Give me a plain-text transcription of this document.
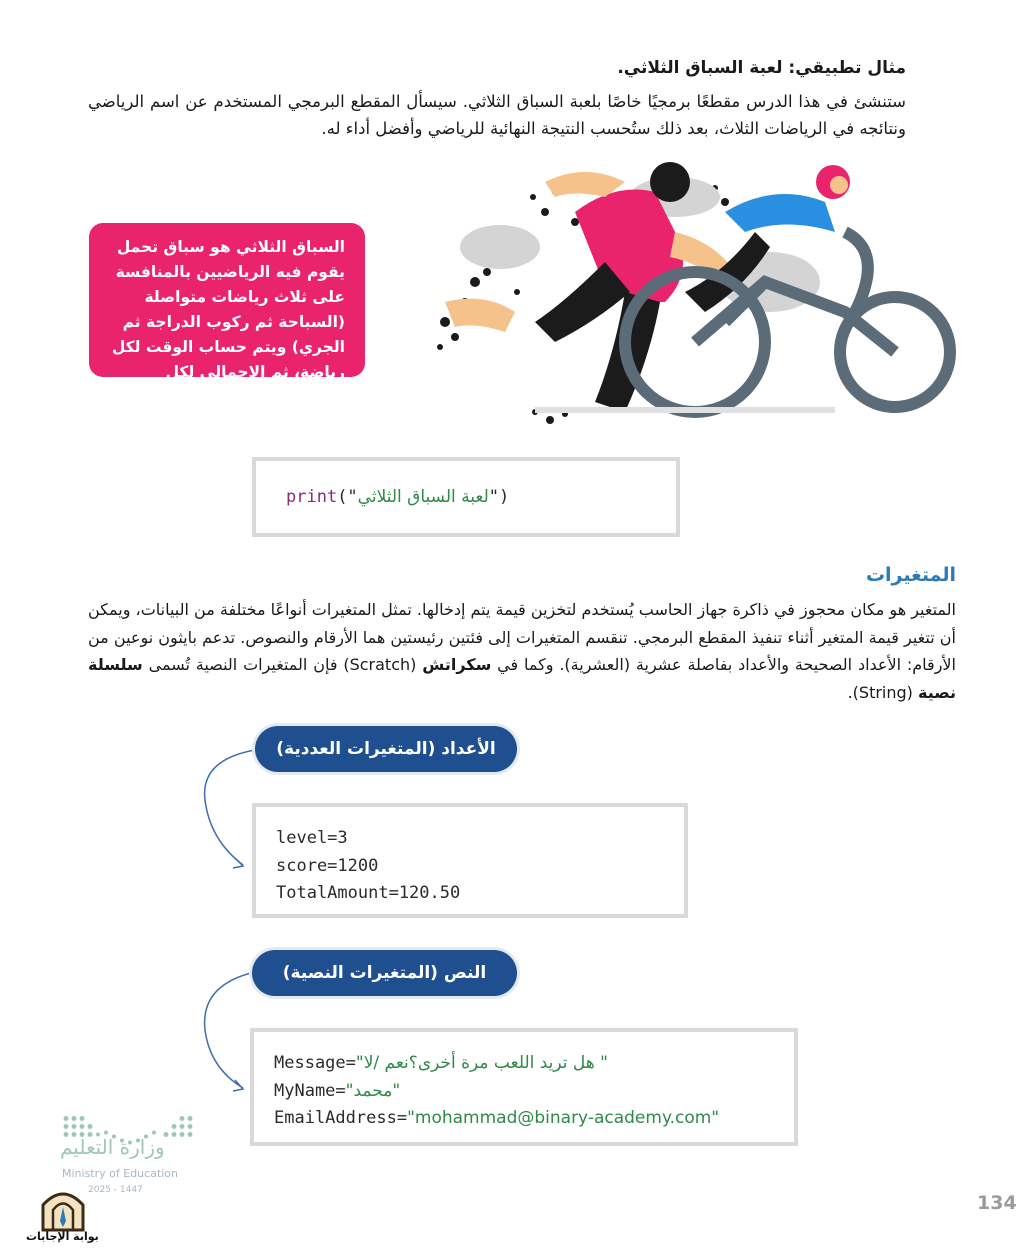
مثال تطبيقي: لعبة السباق الثلاثي.
ستنشئ في هذا الدرس مقطعًا برمجيًا خاصًا بلعبة السباق الثلاثي. سيسأل المقطع البرمجي المستخدم عن اسم الرياضي ونتائجه في الرياضات الثلاث، بعد ذلك ستُحسب النتيجة النهائية للرياضي وأفضل أداء له.
السباق الثلاثي هو سباق تحمل يقوم فيه الرياضيين بالمنافسة على ثلاث رياضات متواصلة (السباحة ثم ركوب الدراجة ثم الجري) ويتم حساب الوقت لكل رياضة، ثم الإجمالي لكل الرياضات.
print("لعبة السباق الثلاثي")
المتغيرات
المتغير هو مكان محجوز في ذاكرة جهاز الحاسب يُستخدم لتخزين قيمة يتم إدخالها. تمثل المتغيرات أنواعًا مختلفة من البيانات، ويمكن أن تتغير قيمة المتغير أثناء تنفيذ المقطع البرمجي. تنقسم المتغيرات إلى فئتين رئيستين هما الأرقام والنصوص. تدعم بايثون نوعين من الأرقام: الأعداد الصحيحة والأعداد بفاصلة عشرية (العشرية). وكما في سكراتش (Scratch) فإن المتغيرات النصية تُسمى سلسلة نصية (String).
الأعداد (المتغيرات العددية)
level=3
score=1200
TotalAmount=120.50
النص (المتغيرات النصية)
Message="هل تريد اللعب مرة أخرى؟نعم /لا "
MyName="محمد"
EmailAddress="mohammad@binary-academy.com"
وزارة التعليم
Ministry of Education
2025 - 1447
بوابة الإجابات
134
